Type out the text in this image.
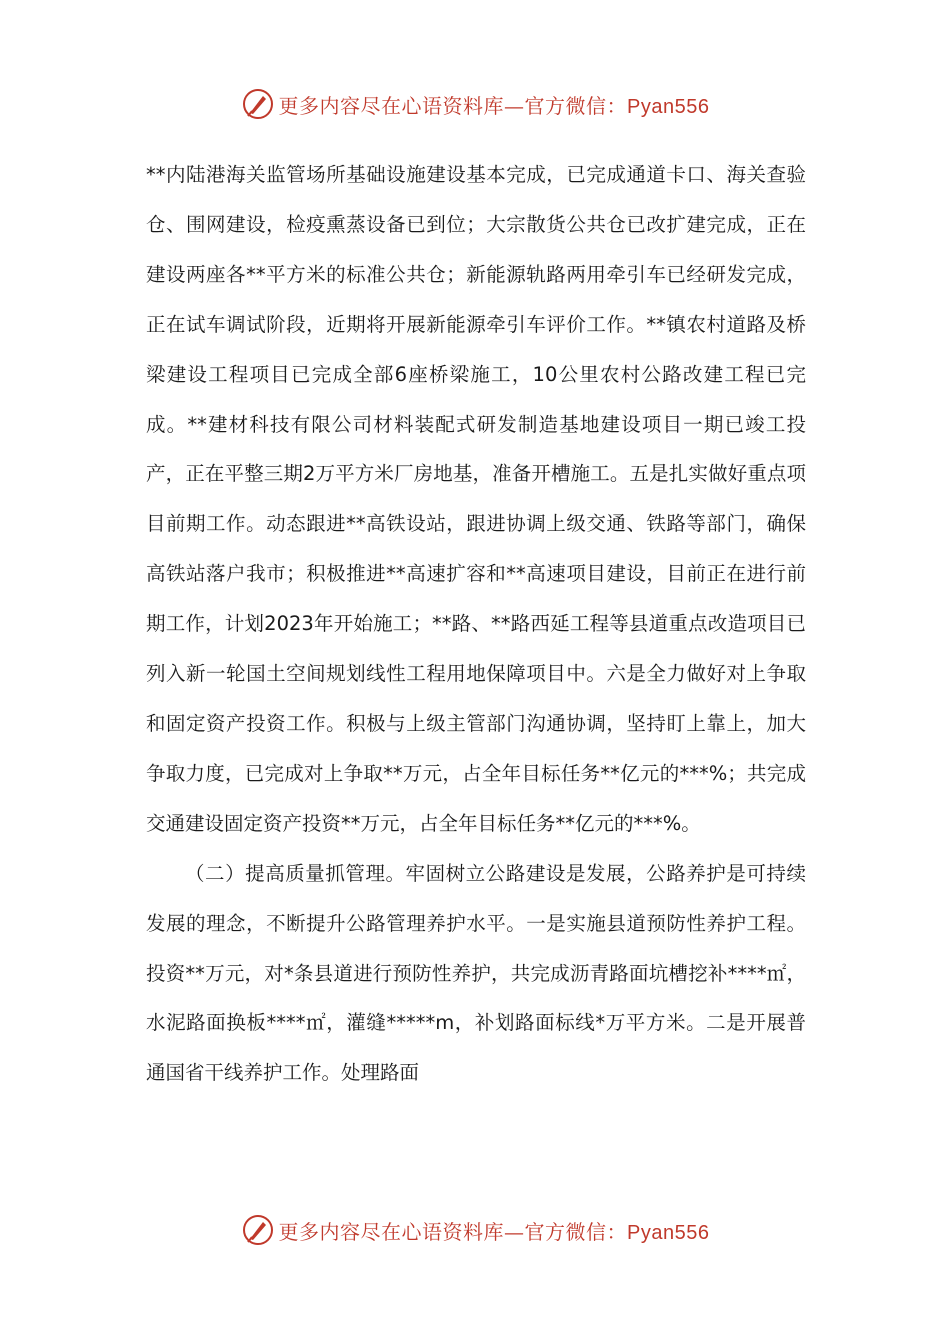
更多内容尽在心语资料库—官方微信：Pyan556

**内陆港海关监管场所基础设施建设基本完成，已完成通道卡口、海关查验仓、围网建设，检疫熏蒸设备已到位；大宗散货公共仓已改扩建完成，正在建设两座各**平方米的标准公共仓；新能源轨路两用牵引车已经研发完成，正在试车调试阶段，近期将开展新能源牵引车评价工作。**镇农村道路及桥梁建设工程项目已完成全部6座桥梁施工，10公里农村公路改建工程已完成。**建材科技有限公司材料装配式研发制造基地建设项目一期已竣工投产，正在平整三期2万平方米厂房地基，准备开槽施工。五是扎实做好重点项目前期工作。动态跟进**高铁设站，跟进协调上级交通、铁路等部门，确保高铁站落户我市；积极推进**高速扩容和**高速项目建设，目前正在进行前期工作，计划2023年开始施工；**路、**路西延工程等县道重点改造项目已列入新一轮国土空间规划线性工程用地保障项目中。六是全力做好对上争取和固定资产投资工作。积极与上级主管部门沟通协调，坚持盯上靠上，加大争取力度，已完成对上争取**万元，占全年目标任务**亿元的***%；共完成交通建设固定资产投资**万元，占全年目标任务**亿元的***%。

（二）提高质量抓管理。牢固树立公路建设是发展，公路养护是可持续发展的理念，不断提升公路管理养护水平。一是实施县道预防性养护工程。投资**万元，对*条县道进行预防性养护，共完成沥青路面坑槽挖补****㎡，水泥路面换板****㎡，灌缝*****m，补划路面标线*万平方米。二是开展普通国省干线养护工作。处理路面

更多内容尽在心语资料库—官方微信：Pyan556
